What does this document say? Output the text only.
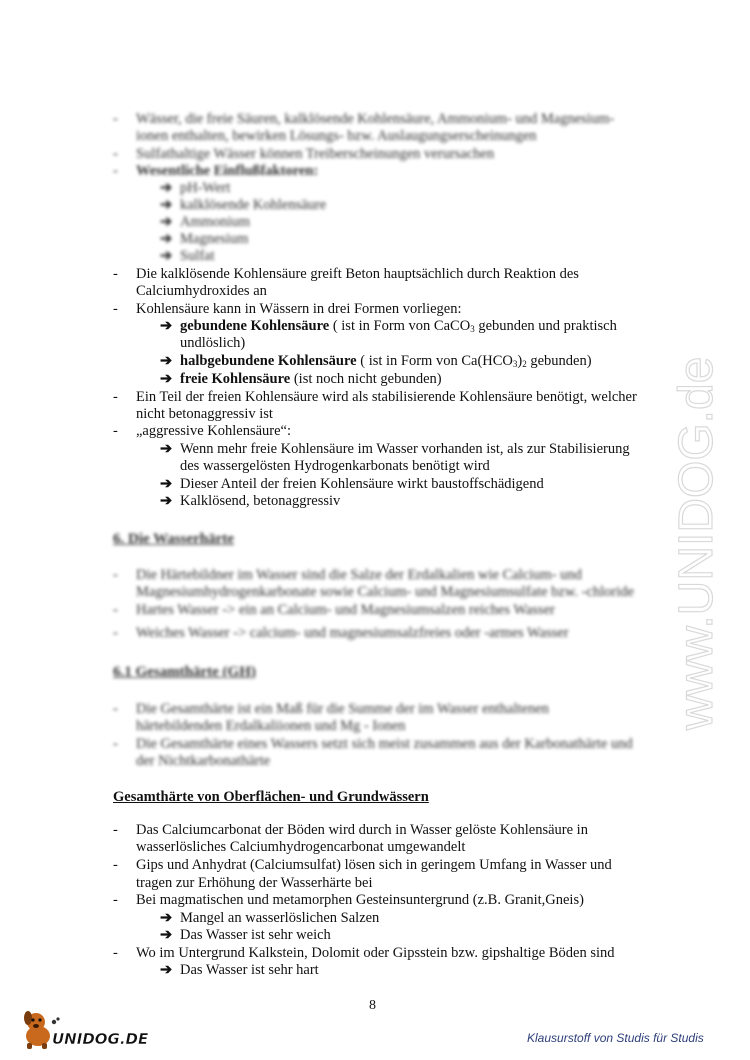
- Wässer, die freie Säuren, kalklösende Kohlensäure, Ammonium- und Magnesium-
ionen enthalten, bewirken Lösungs- bzw. Auslaugungserscheinungen
- Sulfathaltige Wässer können Treiberscheinungen verursachen
- Wesentliche Einflußfaktoren:
➔ pH-Wert
➔ kalklösende Kohlensäure
➔ Ammonium
➔ Magnesium
➔ Sulfat
- Die kalklösende Kohlensäure greift Beton hauptsächlich durch Reaktion des
Calciumhydroxides an
- Kohlensäure kann in Wässern in drei Formen vorliegen:
➔ gebundene Kohlensäure ( ist in Form von CaCO$_3$ gebunden und praktisch
undlöslich)
➔ halbgebundene Kohlensäure ( ist in Form von $Ca(HCO_3)_2$ gebunden)
➔ freie Kohlensäure (ist noch nicht gebunden)
- Ein Teil der freien Kohlensäure wird als stabilisierende Kohlensäure benötigt, welcher
nicht betonaggressiv ist
- „aggressive Kohlensäure“:
➔ Wenn mehr freie Kohlensäure im Wasser vorhanden ist, als zur Stabilisierung
des wassergelösten Hydrogenkarbonats benötigt wird
➔ Dieser Anteil der freien Kohlensäure wirkt baustoffschädigend
➔ Kalklösend, betonaggressiv
6. Die Wasserhärte
- Die Härtebildner im Wasser sind die Salze der Erdalkalien wie Calcium- und
Magnesiumhydrogenkarbonate sowie Calcium- und Magnesiumsulfate bzw. -chloride
- Hartes Wasser -> ein an Calcium- und Magnesiumsalzen reiches Wasser
- Weiches Wasser -> calcium- und magnesiumsalzfreies oder -armes Wasser
6.1 Gesamthärte (GH)
- Die Gesamthärte ist ein Maß für die Summe der im Wasser enthaltenen
härtebildenden Erdalkaliionen und Mg - Ionen
- Die Gesamthärte eines Wassers setzt sich meist zusammen aus der Karbonathärte und
der Nichtkarbonathärte
Gesamthärte von Oberflächen- und Grundwässern
- Das Calciumcarbonat der Böden wird durch in Wasser gelöste Kohlensäure in
wasserlösliches Calciumhydrogencarbonat umgewandelt
- Gips und Anhydrat (Calciumsulfat) lösen sich in geringem Umfang in Wasser und
tragen zur Erhöhung der Wasserhärte bei
- Bei magmatischen und metamorphen Gesteinsuntergrund (z.B. Granit,Gneis)
➔ Mangel an wasserlöslichen Salzen
➔ Das Wasser ist sehr weich
- Wo im Untergrund Kalkstein, Dolomit oder Gipsstein bzw. gipshaltige Böden sind
➔ Das Wasser ist sehr hart
www.UNIDOG.de
8
UNIDOG.DE	Klausurstoff von Studis für Studis
